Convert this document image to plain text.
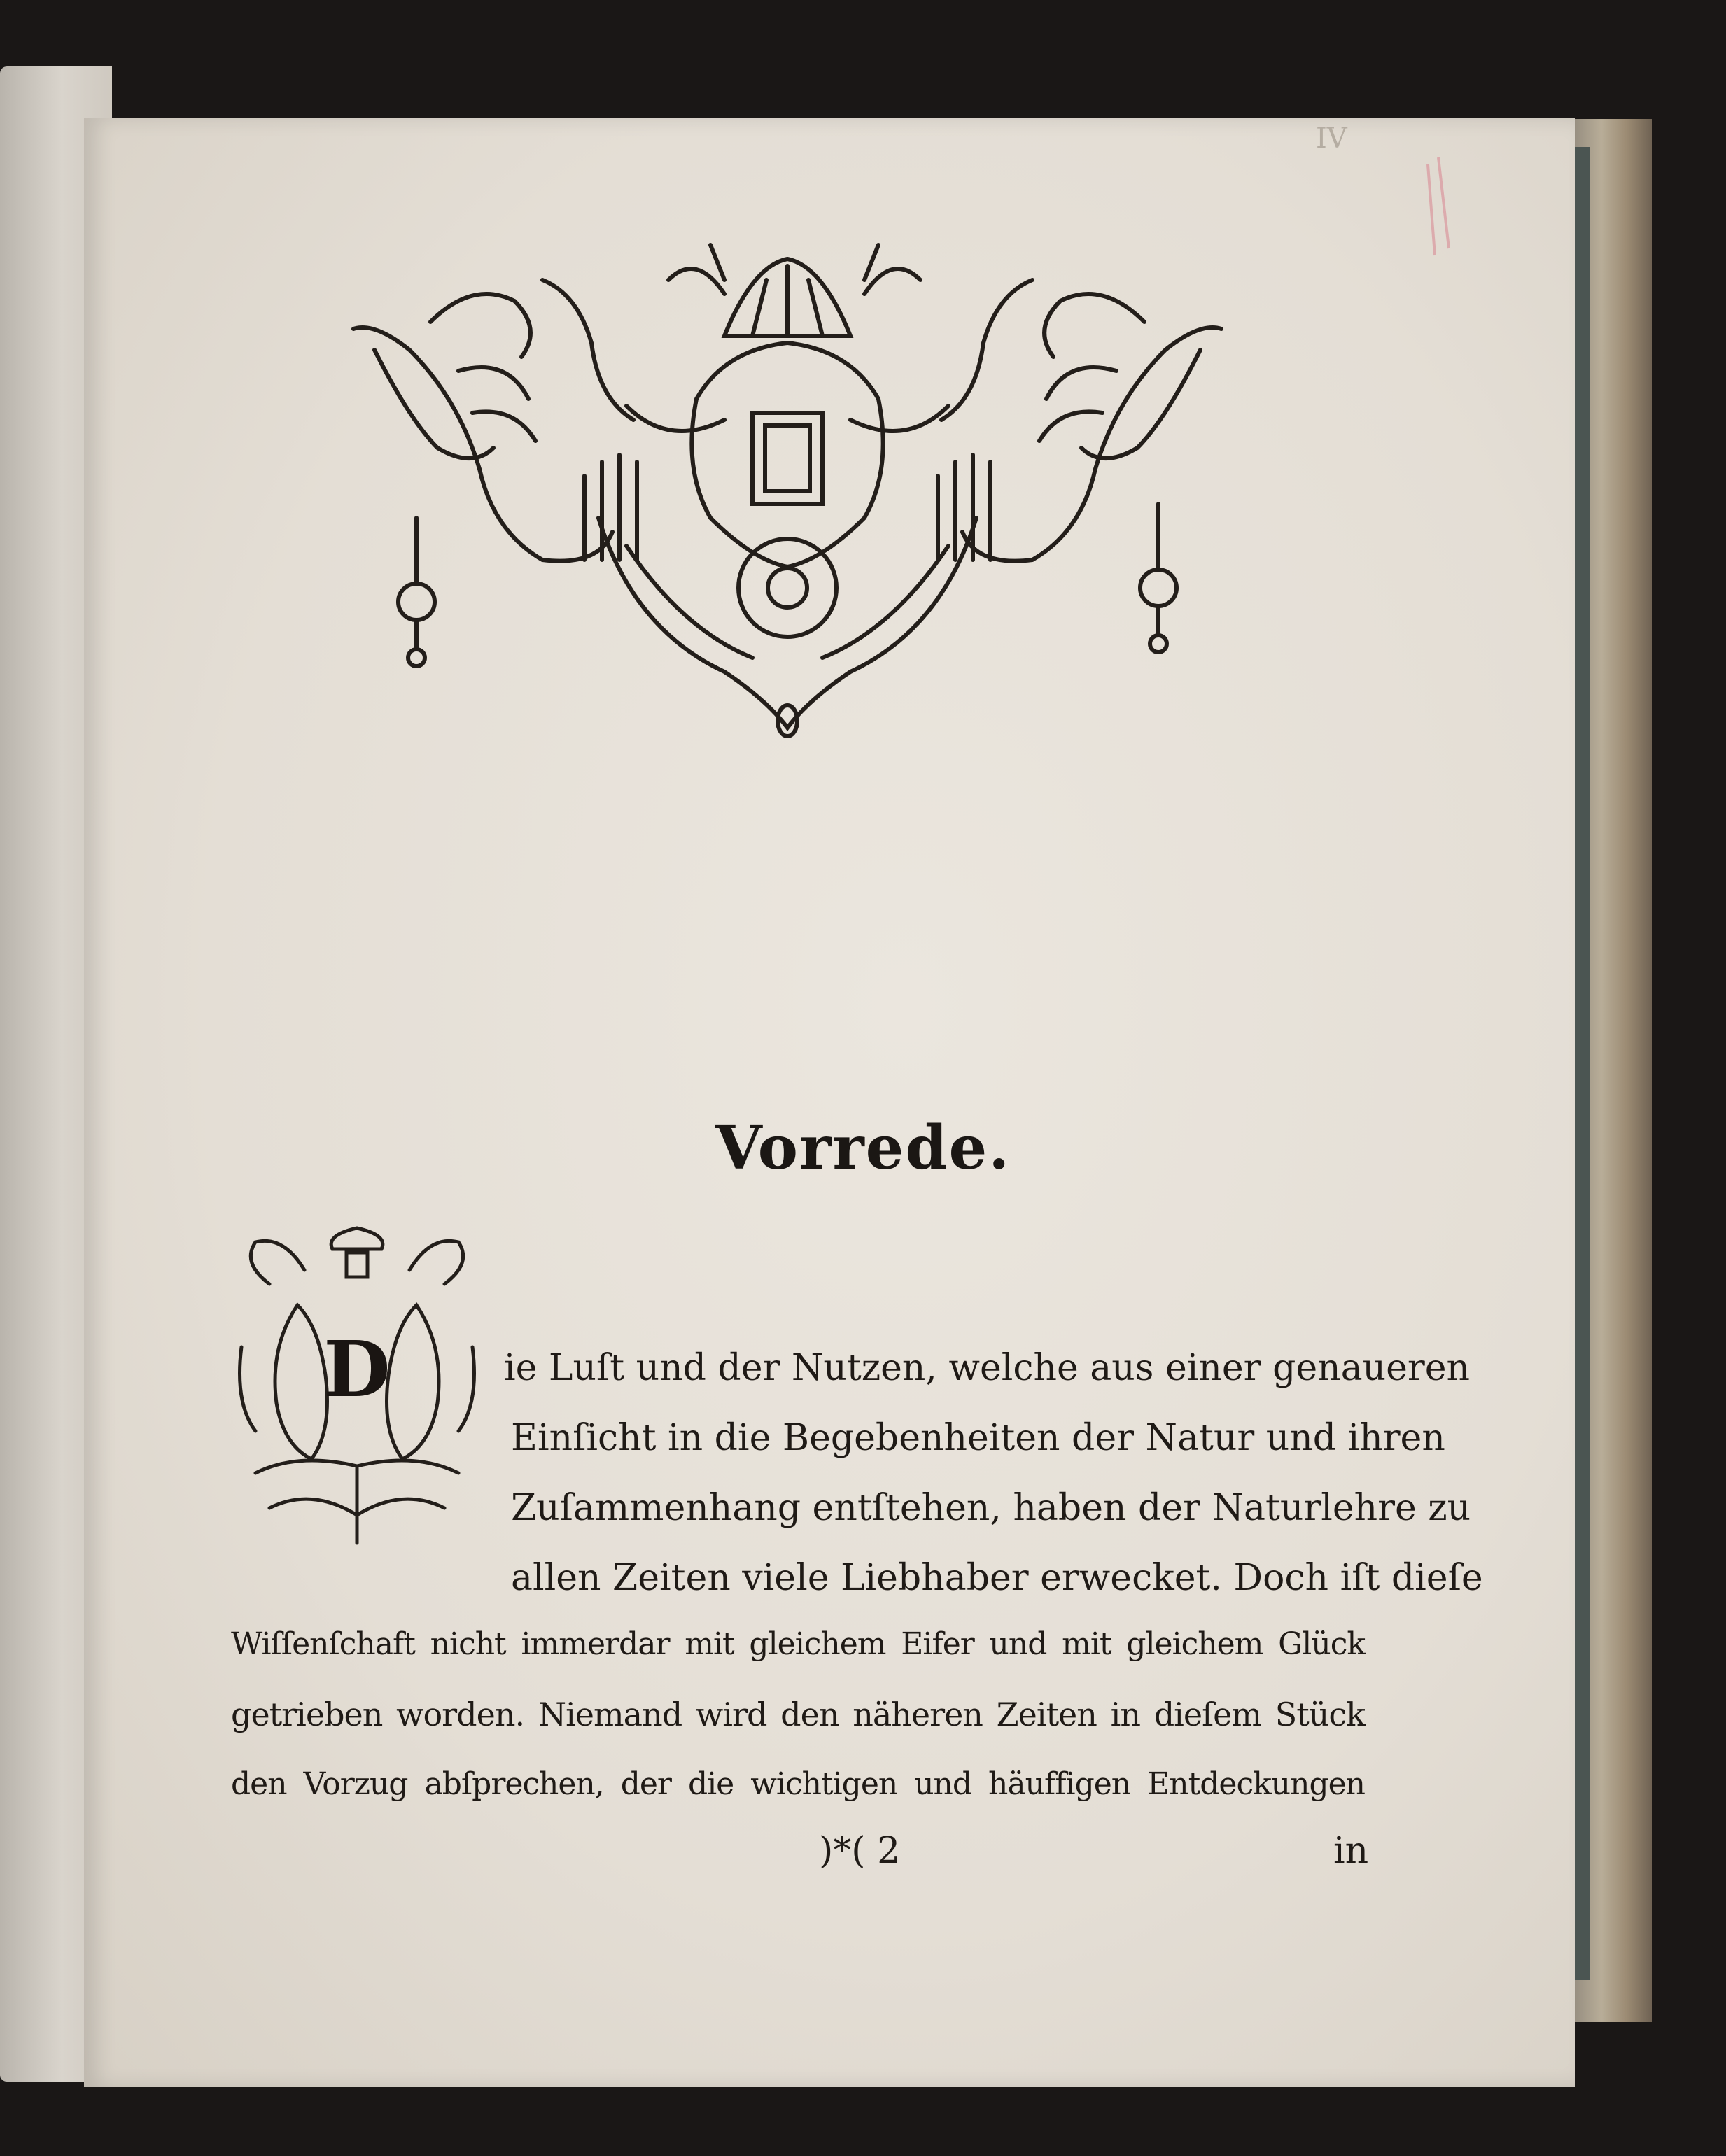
IV
Vorrede.
D	ie Luſt und der Nutzen, welche aus einer genaueren
Einſicht in die Begebenheiten der Natur und ihren
Zuſammenhang entſtehen, haben der Naturlehre zu
allen Zeiten viele Liebhaber erwecket. Doch iſt dieſe
Wiſſenſchaft nicht immerdar mit gleichem Eifer und mit gleichem Glück
getrieben worden. Niemand wird den näheren Zeiten in dieſem Stück
den Vorzug abſprechen, der die wichtigen und häuffigen Entdeckungen
)*( 2	in
